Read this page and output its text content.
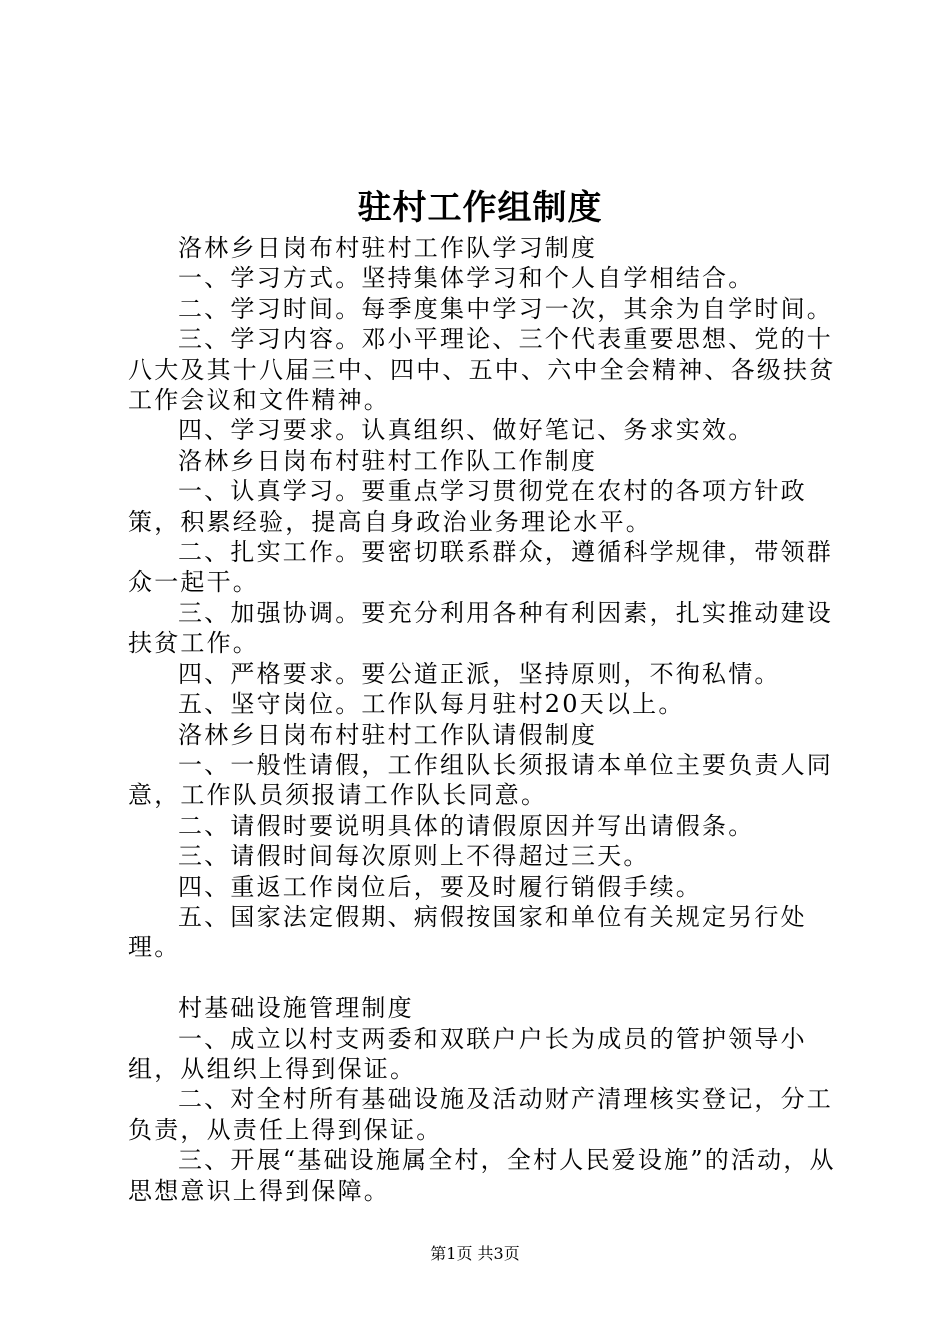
驻村工作组制度

洛林乡日岗布村驻村工作队学习制度

一、学习方式。坚持集体学习和个人自学相结合。

二、学习时间。每季度集中学习一次，其余为自学时间。

三、学习内容。邓小平理论、三个代表重要思想、党的十八大及其十八届三中、四中、五中、六中全会精神、各级扶贫工作会议和文件精神。

四、学习要求。认真组织、做好笔记、务求实效。

洛林乡日岗布村驻村工作队工作制度

一、认真学习。要重点学习贯彻党在农村的各项方针政策，积累经验，提高自身政治业务理论水平。

二、扎实工作。要密切联系群众，遵循科学规律，带领群众一起干。

三、加强协调。要充分利用各种有利因素，扎实推动建设扶贫工作。

四、严格要求。要公道正派，坚持原则，不徇私情。

五、坚守岗位。工作队每月驻村20天以上。

洛林乡日岗布村驻村工作队请假制度

一、一般性请假，工作组队长须报请本单位主要负责人同意，工作队员须报请工作队长同意。

二、请假时要说明具体的请假原因并写出请假条。

三、请假时间每次原则上不得超过三天。

四、重返工作岗位后，要及时履行销假手续。

五、国家法定假期、病假按国家和单位有关规定另行处理。

村基础设施管理制度

一、成立以村支两委和双联户户长为成员的管护领导小组，从组织上得到保证。

二、对全村所有基础设施及活动财产清理核实登记，分工负责，从责任上得到保证。

三、开展“基础设施属全村，全村人民爱设施”的活动，从思想意识上得到保障。

第1页 共3页
